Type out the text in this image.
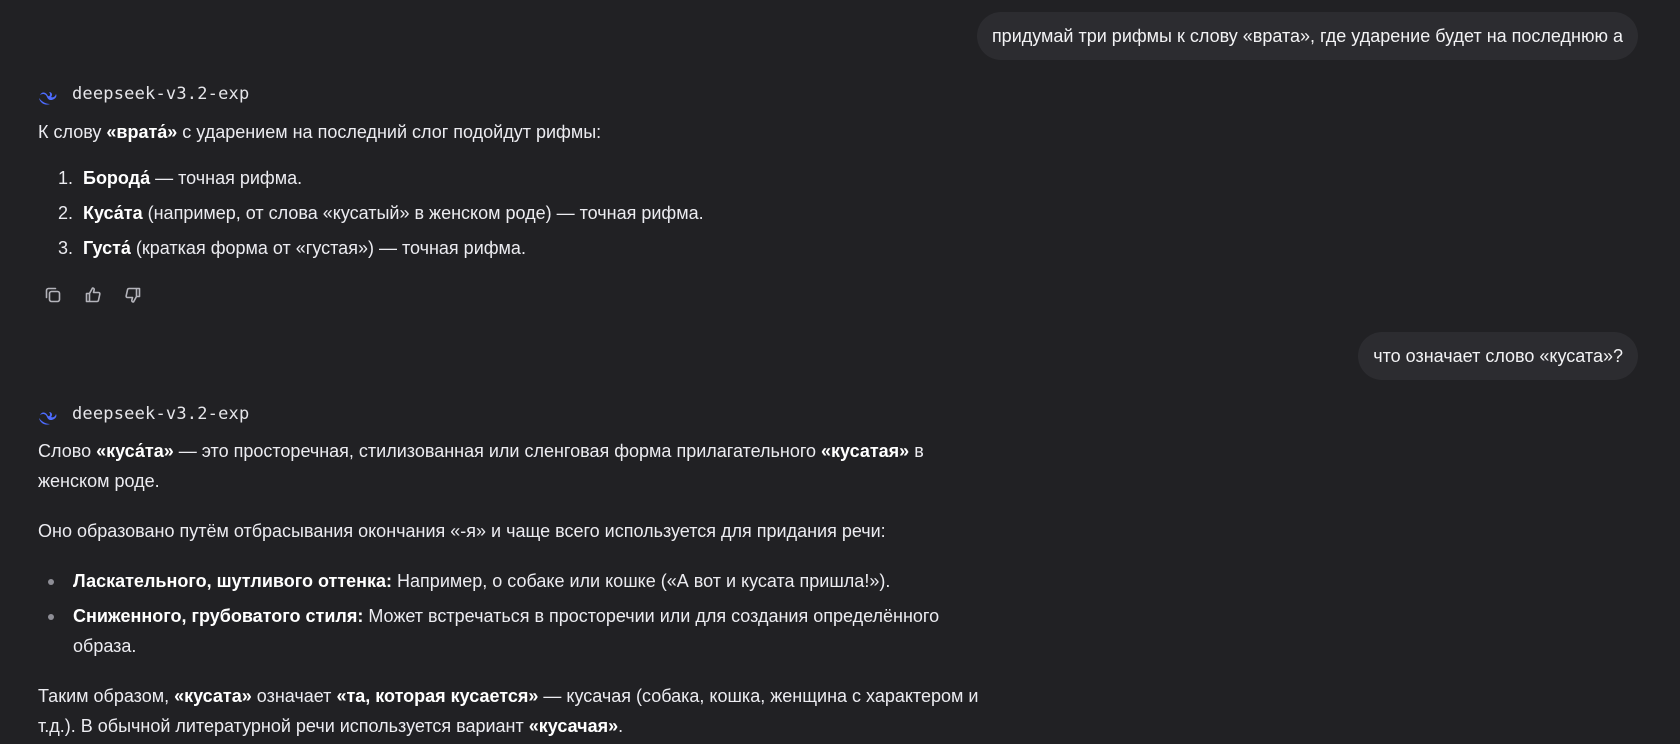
придумай три рифмы к слову «врата», где ударение будет на последнюю а
deepseek-v3.2-exp

К слову «врата́» с ударением на последний слог подойдут рифмы:

1. Борода́ — точная рифма.
2. Куса́та (например, от слова «кусатый» в женском роде) — точная рифма.
3. Густа́ (краткая форма от «густая») — точная рифма.
что означает слово «кусата»?
deepseek-v3.2-exp

Слово «куса́та» — это просторечная, стилизованная или сленговая форма прилагательного «кусатая» в женском роде.

Оно образовано путём отбрасывания окончания «-я» и чаще всего используется для придания речи:

Ласкательного, шутливого оттенка: Например, о собаке или кошке («А вот и кусата пришла!»).
Сниженного, грубоватого стиля: Может встречаться в просторечии или для создания определённого образа.

Таким образом, «кусата» означает «та, которая кусается» — кусачая (собака, кошка, женщина с характером и т.д.). В обычной литературной речи используется вариант «кусачая».
